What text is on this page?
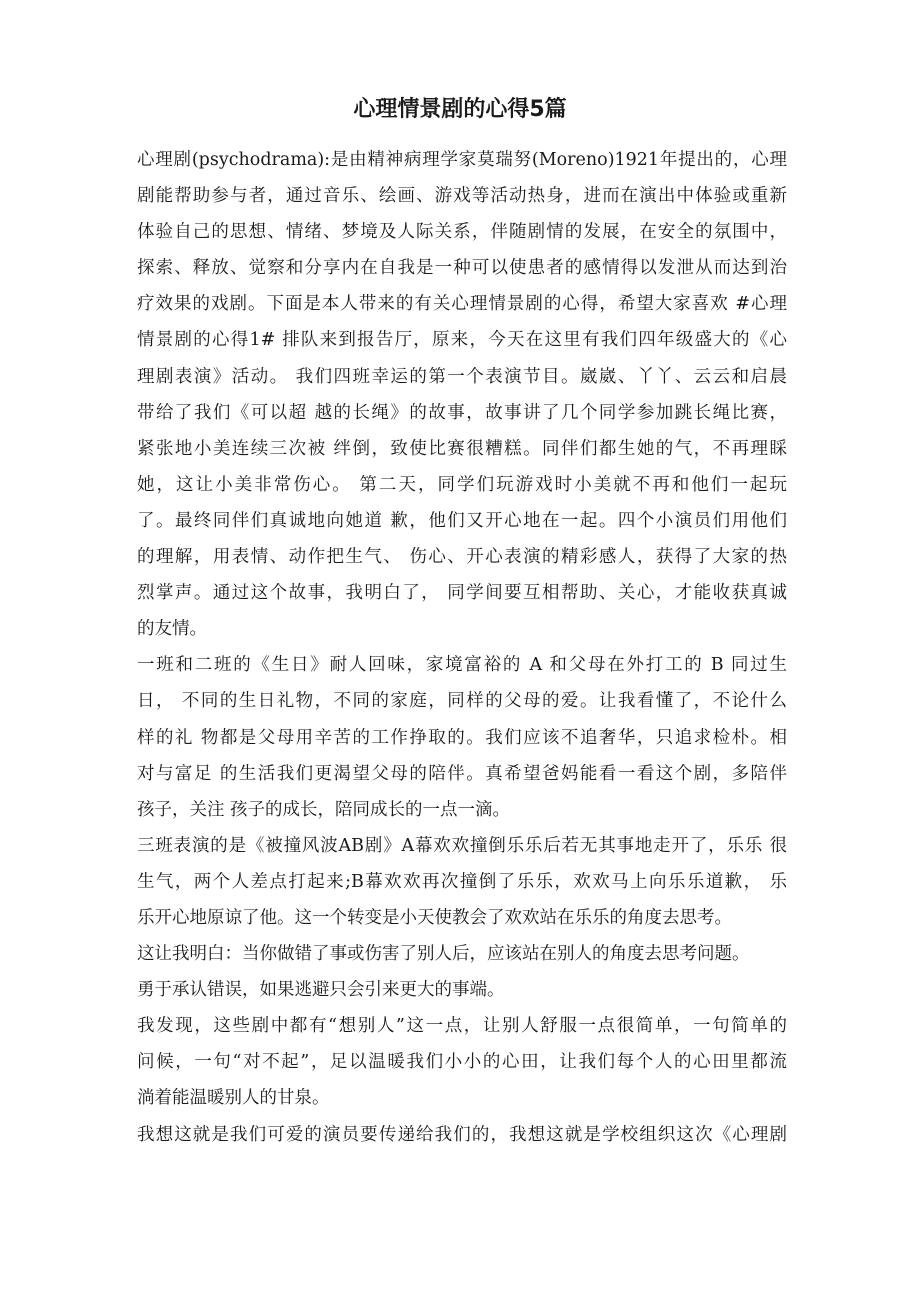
心理情景剧的心得5篇
心理剧(psychodrama):是由精神病理学家莫瑞努(Moreno)1921年提出的，心理
剧能帮助参与者，通过音乐、绘画、游戏等活动热身，进而在演出中体验或重新
体验自己的思想、情绪、梦境及人际关系，伴随剧情的发展，在安全的氛围中，
探索、释放、觉察和分享内在自我是一种可以使患者的感情得以发泄从而达到治
疗效果的戏剧。下面是本人带来的有关心理情景剧的心得，希望大家喜欢 #心理
情景剧的心得1# 排队来到报告厅，原来，今天在这里有我们四年级盛大的《心
理剧表演》活动。 我们四班幸运的第一个表演节目。崴崴、丫丫、云云和启晨
带给了我们《可以超 越的长绳》的故事，故事讲了几个同学参加跳长绳比赛，
紧张地小美连续三次被 绊倒，致使比赛很糟糕。同伴们都生她的气，不再理睬
她，这让小美非常伤心。 第二天，同学们玩游戏时小美就不再和他们一起玩
了。最终同伴们真诚地向她道 歉，他们又开心地在一起。四个小演员们用他们
的理解，用表情、动作把生气、 伤心、开心表演的精彩感人，获得了大家的热
烈掌声。通过这个故事，我明白了， 同学间要互相帮助、关心，才能收获真诚
的友情。
一班和二班的《生日》耐人回味，家境富裕的 A 和父母在外打工的 B 同过生
日， 不同的生日礼物，不同的家庭，同样的父母的爱。让我看懂了，不论什么
样的礼 物都是父母用辛苦的工作挣取的。我们应该不追奢华，只追求检朴。相
对与富足 的生活我们更渴望父母的陪伴。真希望爸妈能看一看这个剧，多陪伴
孩子，关注 孩子的成长，陪同成长的一点一滴。
三班表演的是《被撞风波AB剧》A幕欢欢撞倒乐乐后若无其事地走开了，乐乐 很
生气，两个人差点打起来;B幕欢欢再次撞倒了乐乐，欢欢马上向乐乐道歉， 乐
乐开心地原谅了他。这一个转变是小天使教会了欢欢站在乐乐的角度去思考。
这让我明白：当你做错了事或伤害了别人后，应该站在别人的角度去思考问题。
勇于承认错误，如果逃避只会引来更大的事端。
我发现，这些剧中都有“想别人”这一点，让别人舒服一点很简单，一句简单的
问候，一句“对不起”，足以温暖我们小小的心田，让我们每个人的心田里都流
淌着能温暖别人的甘泉。
我想这就是我们可爱的演员要传递给我们的，我想这就是学校组织这次《心理剧
